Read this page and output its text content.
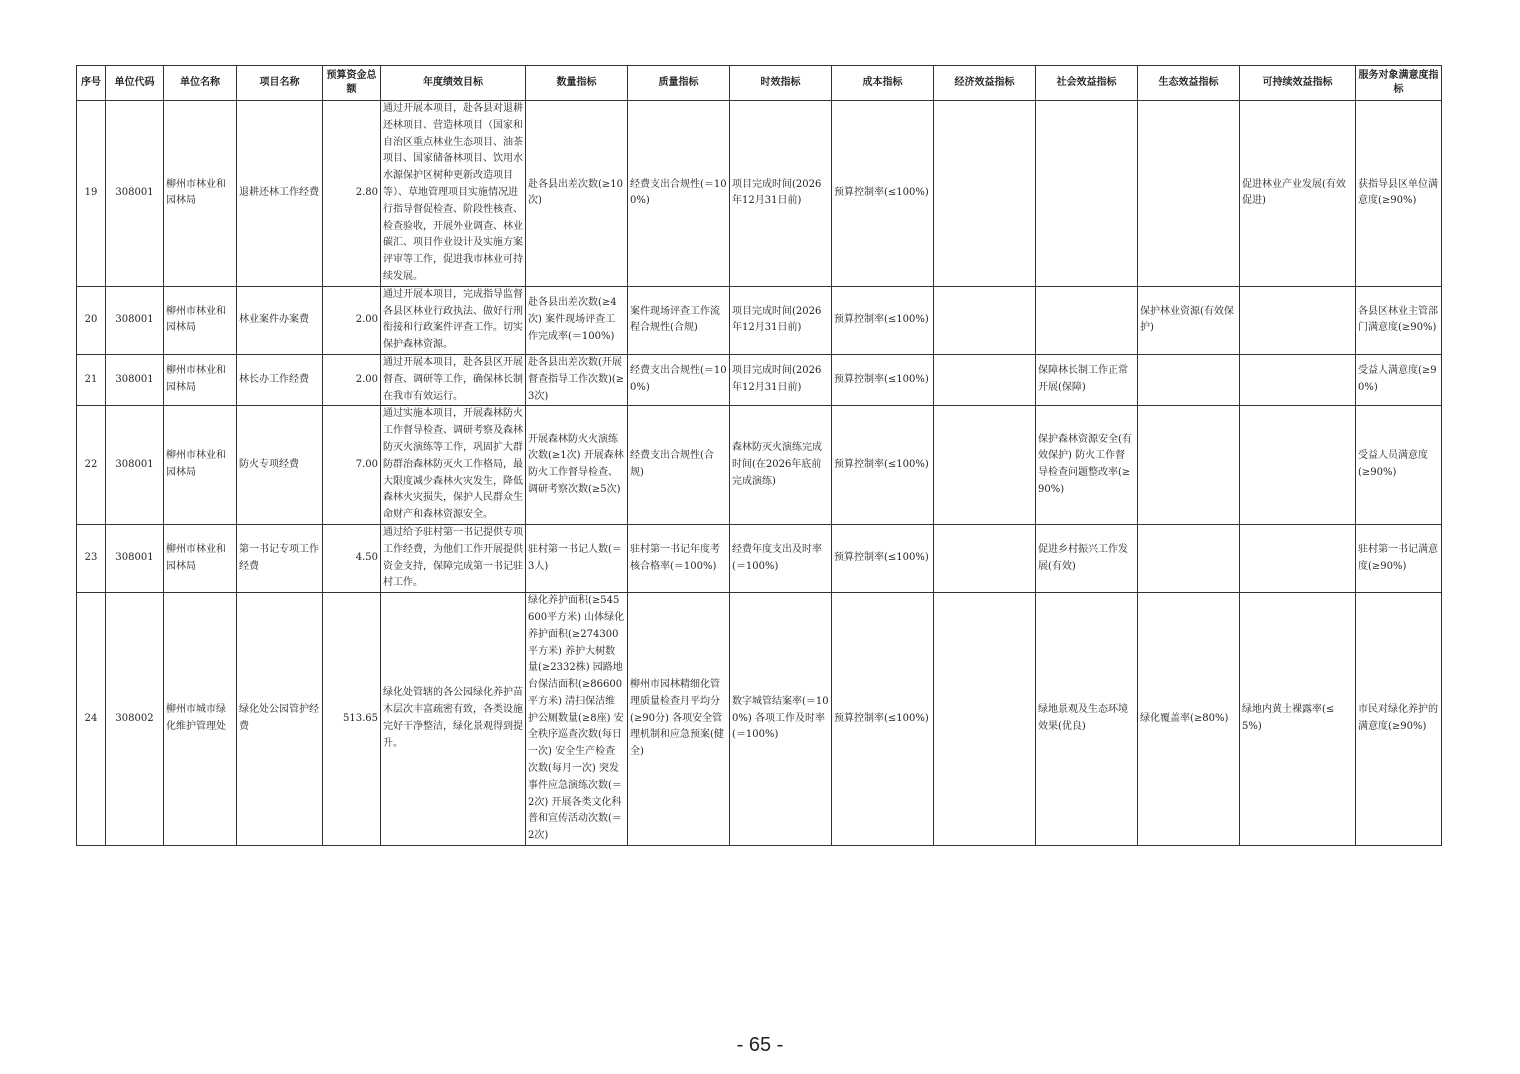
序号	单位代码	单位名称	项目名称	预算资金总额	年度绩效目标	数量指标	质量指标	时效指标	成本指标	经济效益指标	社会效益指标	生态效益指标	可持续效益指标	服务对象满意度指标
19	308001	柳州市林业和园林局	退耕还林工作经费	2.80	通过开展本项目，赴各县对退耕还林项目、营造林项目（国家和自治区重点林业生态项目、油茶项目、国家储备林项目、饮用水水源保护区树种更新改造项目等）、草地管理项目实施情况进行指导督促检查、阶段性核查、检查验收，开展外业调查、林业碳汇、项目作业设计及实施方案评审等工作，促进我市林业可持续发展。	赴各县出差次数(≥10次)	经费支出合规性(＝100%)	项目完成时间(2026年12月31日前)	预算控制率(≤100%)				促进林业产业发展(有效促进)	获指导县区单位满意度(≥90%)
20	308001	柳州市林业和园林局	林业案件办案费	2.00	通过开展本项目，完成指导监督各县区林业行政执法、做好行刑衔接和行政案件评查工作。切实保护森林资源。	赴各县出差次数(≥4次) 案件现场评查工作完成率(＝100%)	案件现场评查工作流程合规性(合规)	项目完成时间(2026年12月31日前)	预算控制率(≤100%)			保护林业资源(有效保护)		各县区林业主管部门满意度(≥90%)
21	308001	柳州市林业和园林局	林长办工作经费	2.00	通过开展本项目，赴各县区开展督查、调研等工作，确保林长制在我市有效运行。	赴各县出差次数(开展督查指导工作次数)(≥3次)	经费支出合规性(＝100%)	项目完成时间(2026年12月31日前)	预算控制率(≤100%)		保障林长制工作正常开展(保障)			受益人满意度(≥90%)
22	308001	柳州市林业和园林局	防火专项经费	7.00	通过实施本项目，开展森林防火工作督导检查、调研考察及森林防灭火演练等工作，巩固扩大群防群治森林防灭火工作格局，最大限度减少森林火灾发生，降低森林火灾损失，保护人民群众生命财产和森林资源安全。	开展森林防火火演练次数(≥1次) 开展森林防火工作督导检查、调研考察次数(≥5次)	经费支出合规性(合规)	森林防灭火演练完成时间(在2026年底前完成演练)	预算控制率(≤100%)		保护森林资源安全(有效保护) 防火工作督导检查问题整改率(≥90%)			受益人员满意度(≥90%)
23	308001	柳州市林业和园林局	第一书记专项工作经费	4.50	通过给予驻村第一书记提供专项工作经费，为他们工作开展提供资金支持，保障完成第一书记驻村工作。	驻村第一书记人数(＝3人)	驻村第一书记年度考核合格率(＝100%)	经费年度支出及时率(＝100%)	预算控制率(≤100%)		促进乡村振兴工作发展(有效)			驻村第一书记满意度(≥90%)
24	308002	柳州市城市绿化维护管理处	绿化处公园管护经费	513.65	绿化处管辖的各公园绿化养护苗木层次丰富疏密有致，各类设施完好干净整洁，绿化景观得到提升。	绿化养护面积(≥545600平方米) 山体绿化养护面积(≥274300平方米) 养护大树数量(≥2332株) 园路地台保洁面积(≥86600平方米) 清扫保洁维护公厕数量(≥8座) 安全秩序巡查次数(每日一次) 安全生产检查次数(每月一次) 突发事件应急演练次数(＝2次) 开展各类文化科普和宣传活动次数(＝2次)	柳州市园林精细化管理质量检查月平均分(≥90分) 各项安全管理机制和应急预案(健全)	数字城管结案率(＝100%) 各项工作及时率(＝100%)	预算控制率(≤100%)		绿地景观及生态环境效果(优良)	绿化覆盖率(≥80%)	绿地内黄土裸露率(≤5%)	市民对绿化养护的满意度(≥90%)
- 65 -
